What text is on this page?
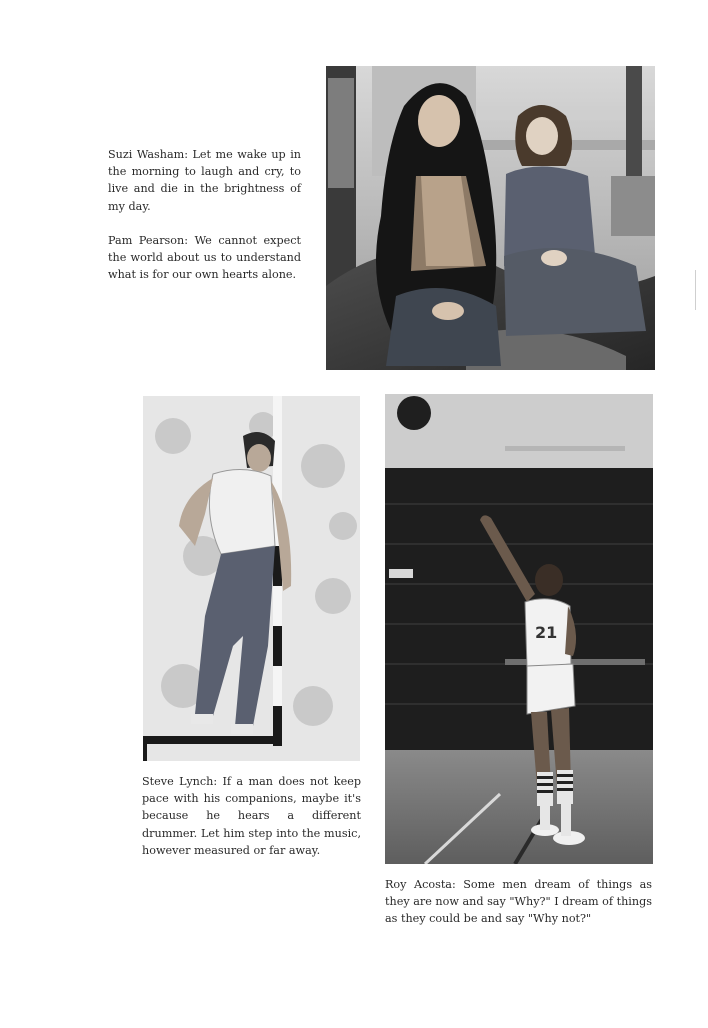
Suzi Washam: Let me wake up in the morning to laugh and cry, to live and die in the brightness of my day.

Pam Pearson: We cannot expect the world about us to understand what is for our own hearts alone.

Steve Lynch: If a man does not keep pace with his companions, maybe it's because he hears a different drummer. Let him step into the music, however measured or far away.

21

Roy Acosta: Some men dream of things as they are now and say "Why?" I dream of things as they could be and say "Why not?"
